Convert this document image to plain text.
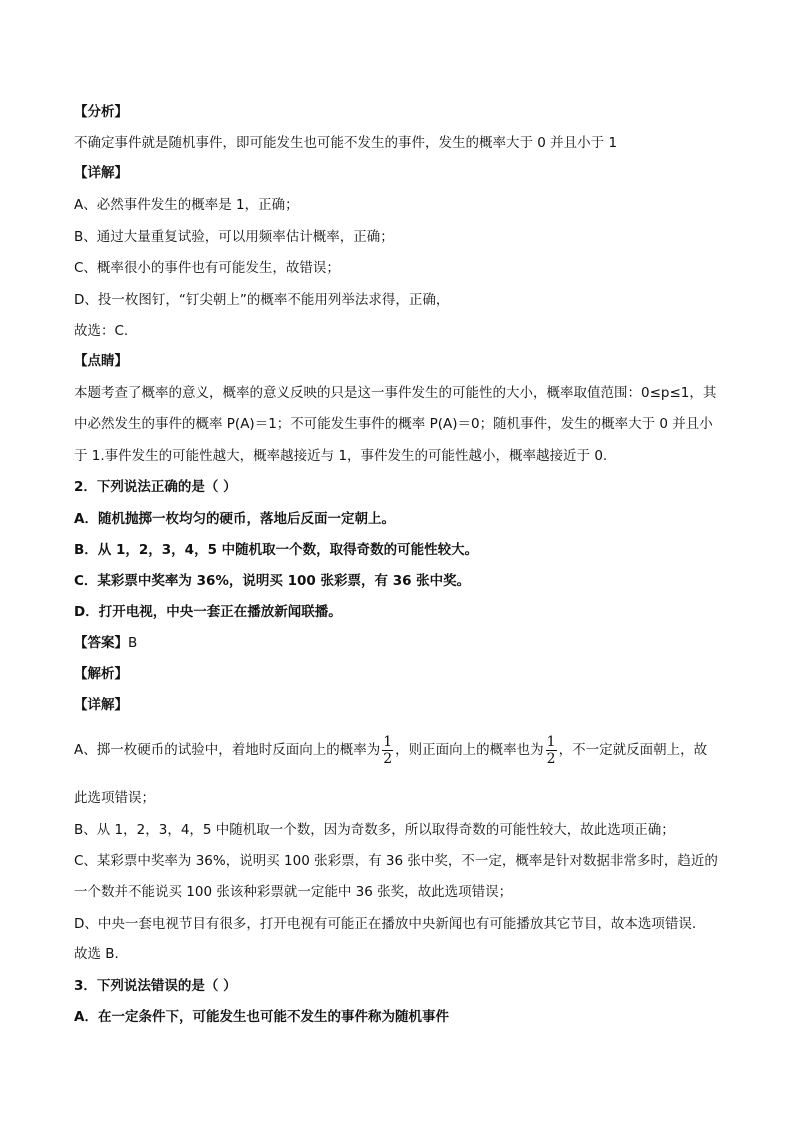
【分析】
不确定事件就是随机事件，即可能发生也可能不发生的事件，发生的概率大于 0 并且小于 1
【详解】
A、必然事件发生的概率是 1，正确；
B、通过大量重复试验，可以用频率估计概率，正确；
C、概率很小的事件也有可能发生，故错误；
D、投一枚图钉，“钉尖朝上”的概率不能用列举法求得，正确，
故选：C.
【点睛】
本题考查了概率的意义，概率的意义反映的只是这一事件发生的可能性的大小，概率取值范围：0≤p≤1，其
中必然发生的事件的概率 P(A)＝1；不可能发生事件的概率 P(A)＝0；随机事件，发生的概率大于 0 并且小
于 1.事件发生的可能性越大，概率越接近与 1，事件发生的可能性越小，概率越接近于 0.
2．下列说法正确的是（ ）
A．随机抛掷一枚均匀的硬币，落地后反面一定朝上。
B．从 1，2，3，4，5 中随机取一个数，取得奇数的可能性较大。
C．某彩票中奖率为 36%，说明买 100 张彩票，有 36 张中奖。
D．打开电视，中央一套正在播放新闻联播。
【答案】B
【解析】
【详解】
A、掷一枚硬币的试验中，着地时反面向上的概率为 $\frac{1}{2}$ ，则正面向上的概率也为 $\frac{1}{2}$ ，不一定就反面朝上，故
此选项错误；
B、从 1，2，3，4，5 中随机取一个数，因为奇数多，所以取得奇数的可能性较大，故此选项正确；
C、某彩票中奖率为 36%，说明买 100 张彩票，有 36 张中奖，不一定，概率是针对数据非常多时，趋近的
一个数并不能说买 100 张该种彩票就一定能中 36 张奖，故此选项错误；
D、中央一套电视节目有很多，打开电视有可能正在播放中央新闻也有可能播放其它节目，故本选项错误.
故选 B.
3．下列说法错误的是（ ）
A．在一定条件下，可能发生也可能不发生的事件称为随机事件
